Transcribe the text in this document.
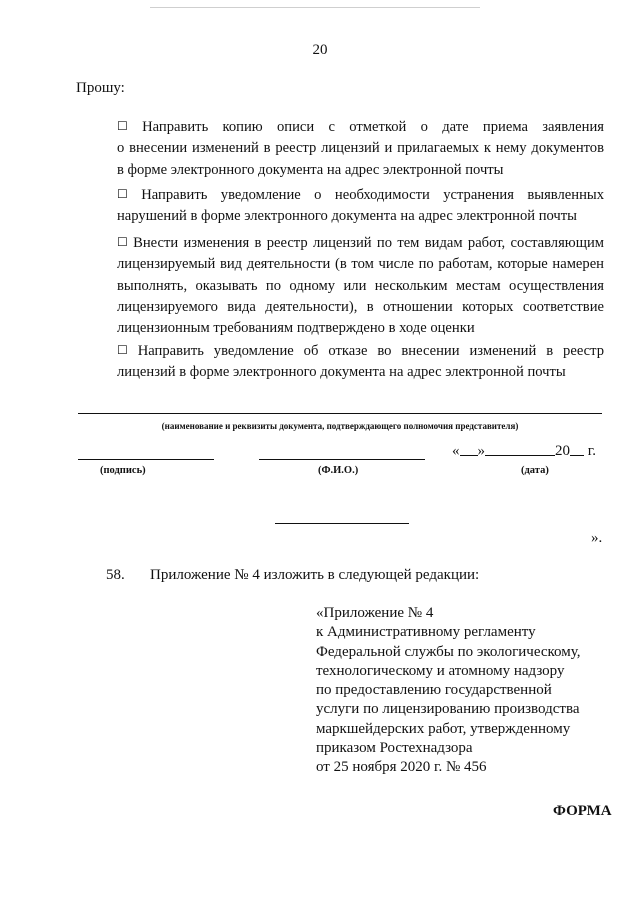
20
Прошу:
☐ Направить копию описи с отметкой о дате приема заявления
о внесении изменений в реестр лицензий и прилагаемых к нему документов
в форме электронного документа на адрес электронной почты
☐ Направить уведомление о необходимости устранения выявленных
нарушений в форме электронного документа на адрес электронной почты
☐ Внести изменения в реестр лицензий по тем видам работ, составляющим
лицензируемый вид деятельности (в том числе по работам, которые намерен
выполнять, оказывать по одному или нескольким местам осуществления
лицензируемого вида деятельности), в отношении которых соответствие
лицензионным требованиям подтверждено в ходе оценки
☐ Направить уведомление об отказе во внесении изменений в реестр
лицензий в форме электронного документа на адрес электронной почты
(наименование и реквизиты документа, подтверждающего полномочия представителя)
« »	20 г.
(подпись)	(Ф.И.О.)	(дата)
».
58. Приложение № 4 изложить в следующей редакции:
«Приложение № 4
к Административному регламенту
Федеральной службы по экологическому,
технологическому и атомному надзору
по предоставлению государственной
услуги по лицензированию производства
маркшейдерских работ, утвержденному
приказом Ростехнадзора
от 25 ноября 2020 г. № 456
ФОРМА
